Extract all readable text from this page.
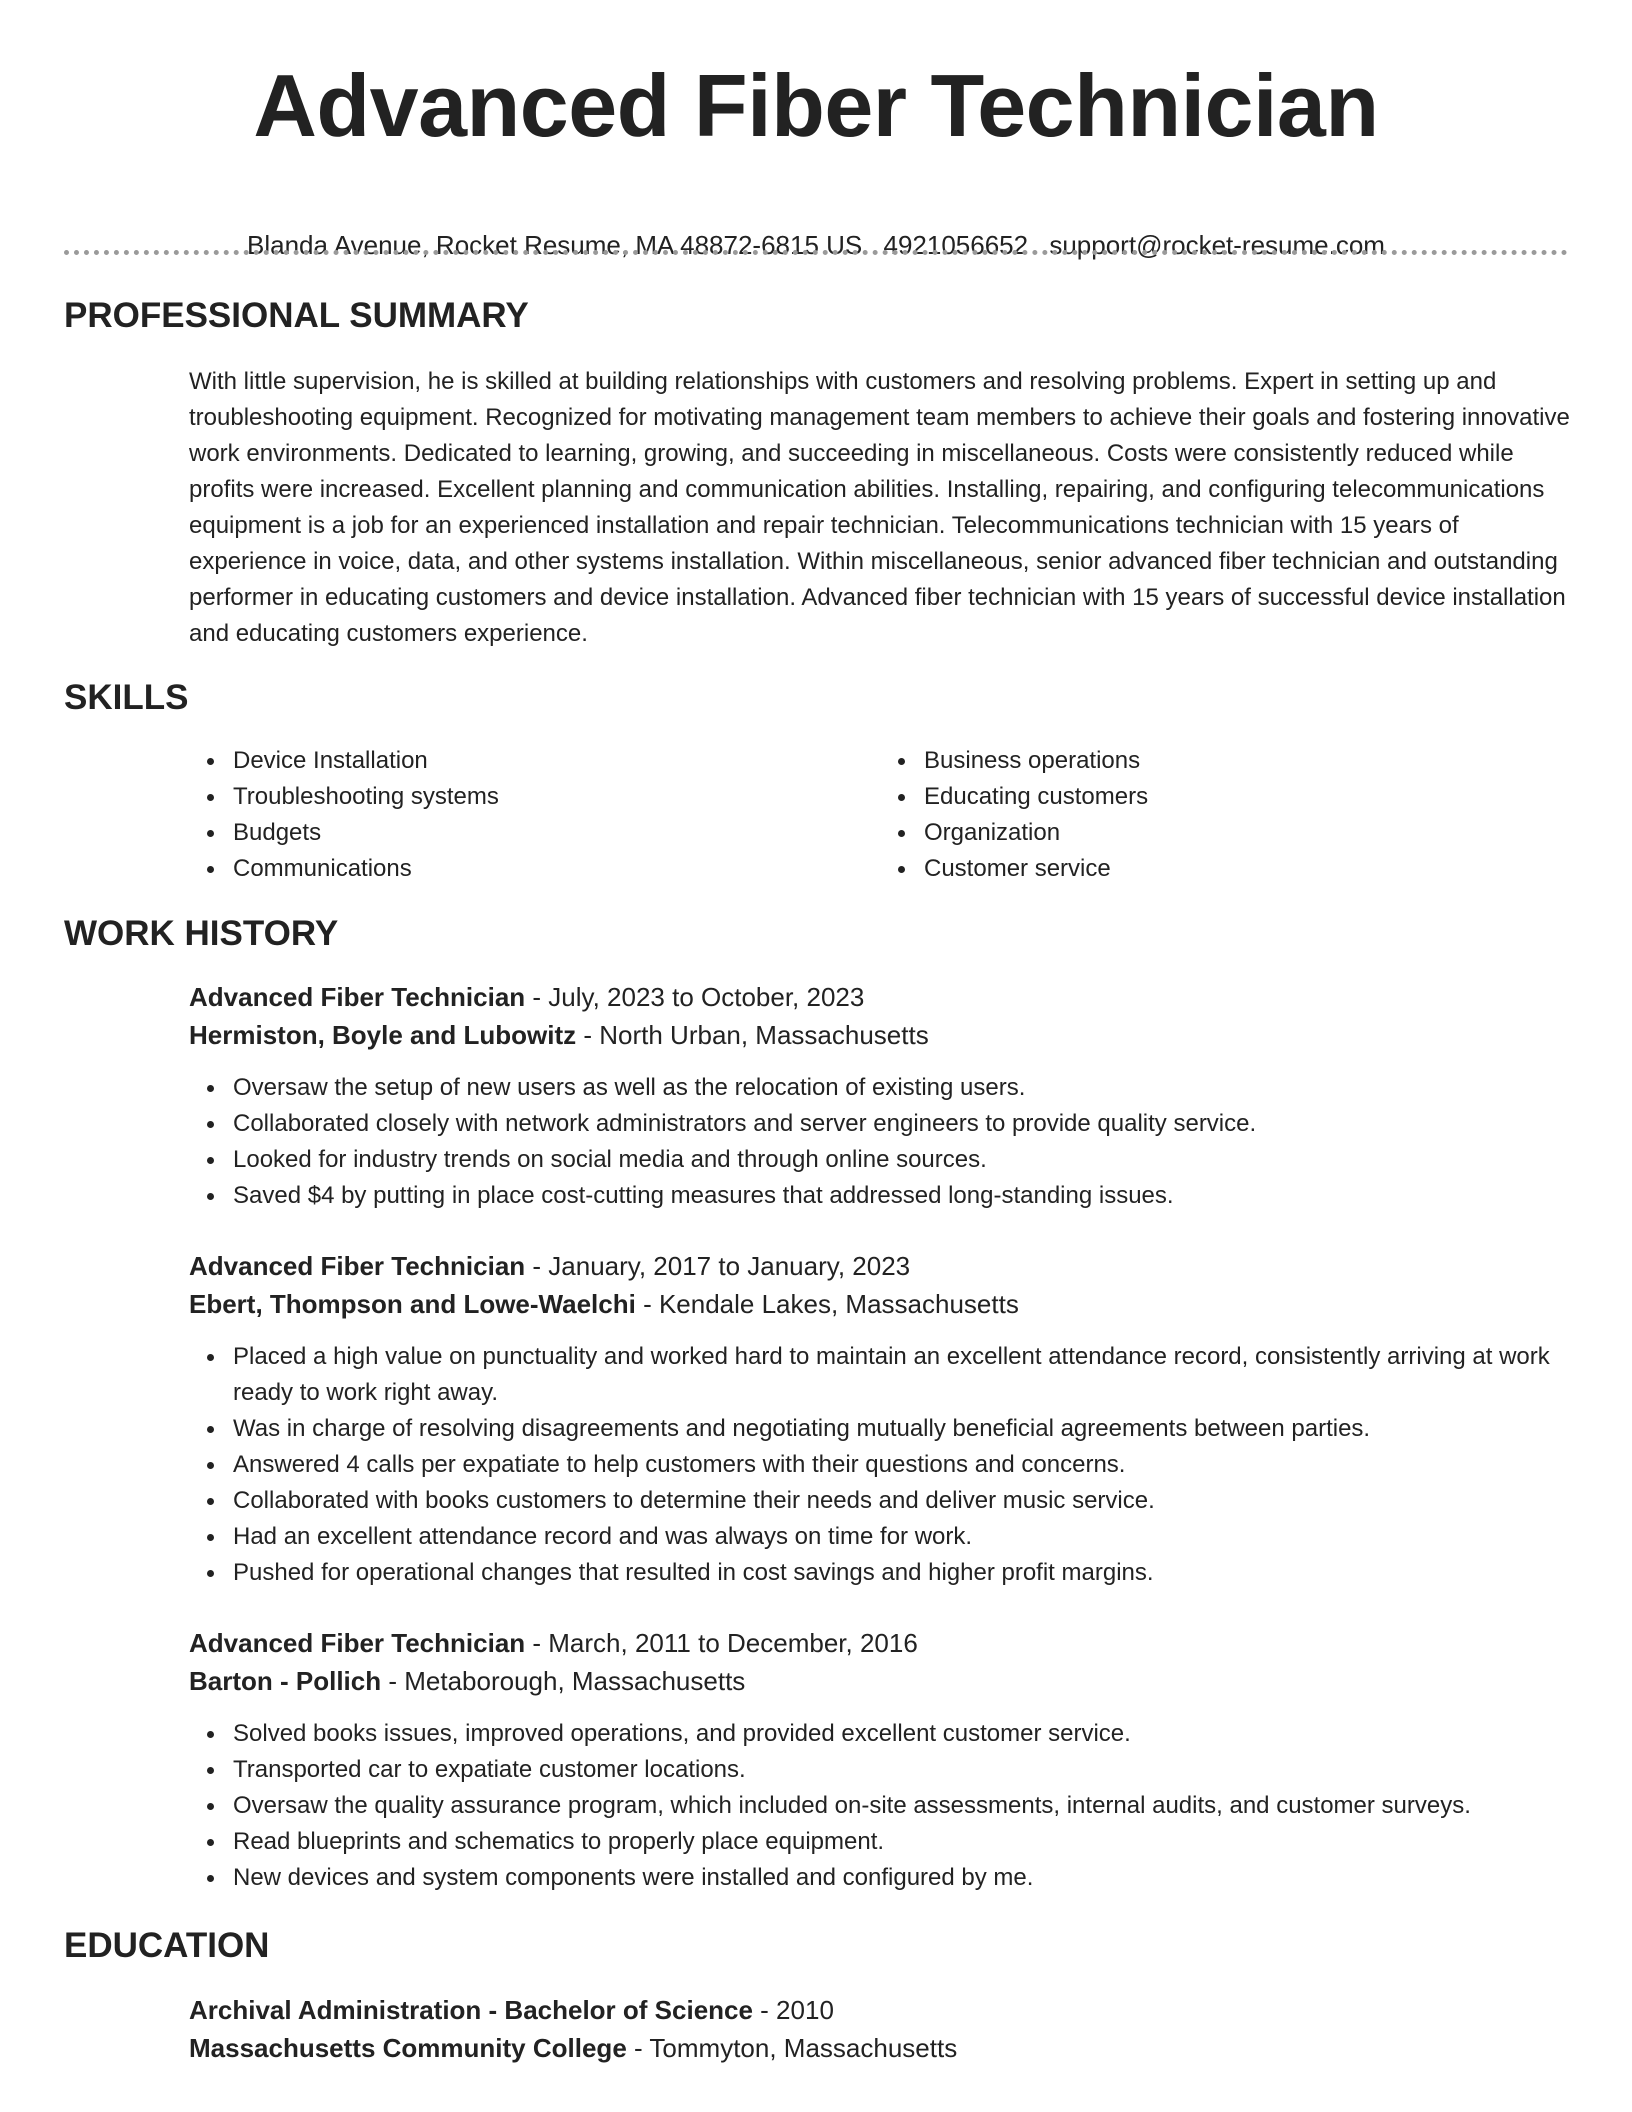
Advanced Fiber Technician
Blanda Avenue, Rocket Resume, MA 48872-6815 US 4921056652 support@rocket-resume.com
PROFESSIONAL SUMMARY

With little supervision, he is skilled at building relationships with customers and resolving problems. Expert in setting up and troubleshooting equipment. Recognized for motivating management team members to achieve their goals and fostering innovative work environments. Dedicated to learning, growing, and succeeding in miscellaneous. Costs were consistently reduced while profits were increased. Excellent planning and communication abilities. Installing, repairing, and configuring telecommunications equipment is a job for an experienced installation and repair technician. Telecommunications technician with 15 years of experience in voice, data, and other systems installation. Within miscellaneous, senior advanced fiber technician and outstanding performer in educating customers and device installation. Advanced fiber technician with 15 years of successful device installation and educating customers experience.

SKILLS
Device Installation
Troubleshooting systems
Budgets
Communications
Business operations
Educating customers
Organization
Customer service
WORK HISTORY
Advanced Fiber Technician - July, 2023 to October, 2023
Hermiston, Boyle and Lubowitz - North Urban, Massachusetts
Oversaw the setup of new users as well as the relocation of existing users.
Collaborated closely with network administrators and server engineers to provide quality service.
Looked for industry trends on social media and through online sources.
Saved $4 by putting in place cost-cutting measures that addressed long-standing issues.
Advanced Fiber Technician - January, 2017 to January, 2023
Ebert, Thompson and Lowe-Waelchi - Kendale Lakes, Massachusetts
Placed a high value on punctuality and worked hard to maintain an excellent attendance record, consistently arriving at work ready to work right away.
Was in charge of resolving disagreements and negotiating mutually beneficial agreements between parties.
Answered 4 calls per expatiate to help customers with their questions and concerns.
Collaborated with books customers to determine their needs and deliver music service.
Had an excellent attendance record and was always on time for work.
Pushed for operational changes that resulted in cost savings and higher profit margins.
Advanced Fiber Technician - March, 2011 to December, 2016
Barton - Pollich - Metaborough, Massachusetts
Solved books issues, improved operations, and provided excellent customer service.
Transported car to expatiate customer locations.
Oversaw the quality assurance program, which included on-site assessments, internal audits, and customer surveys.
Read blueprints and schematics to properly place equipment.
New devices and system components were installed and configured by me.
EDUCATION
Archival Administration - Bachelor of Science - 2010
Massachusetts Community College - Tommyton, Massachusetts
